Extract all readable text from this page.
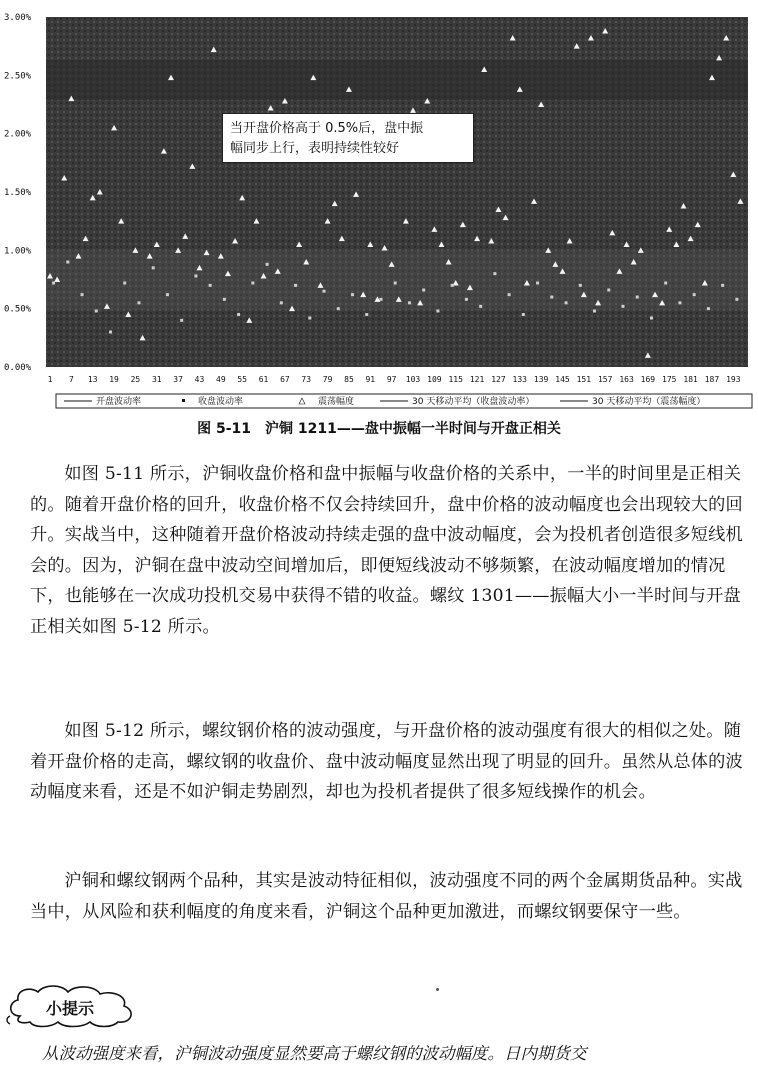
0.00%
0.50%
1.00%
1.50%
2.00%
2.50%
3.00%
1 7 13 19 25 31 37 43 49 55 61 67 73 79 85 91 97 103 109 115 121 127 133 139 145 151 157 163 169 175 181 187 193
开盘波动率	收盘波动率	震荡幅度	30 天移动平均（收盘波动率）	30 天移动平均（震荡幅度）
当开盘价格高于 0.5%后，盘中振
幅同步上行，表明持续性较好
图 5-11　沪铜 1211——盘中振幅一半时间与开盘正相关

如图 5-11 所示，沪铜收盘价格和盘中振幅与收盘价格的关系中，一半的时间里是正相关的。随着开盘价格的回升，收盘价格不仅会持续回升，盘中价格的波动幅度也会出现较大的回升。实战当中，这种随着开盘价格波动持续走强的盘中波动幅度，会为投机者创造很多短线机会的。因为，沪铜在盘中波动空间增加后，即便短线波动不够频繁，在波动幅度增加的情况下，也能够在一次成功投机交易中获得不错的收益。螺纹 1301——振幅大小一半时间与开盘正相关如图 5-12 所示。

如图 5-12 所示，螺纹钢价格的波动强度，与开盘价格的波动强度有很大的相似之处。随着开盘价格的走高，螺纹钢的收盘价、盘中波动幅度显然出现了明显的回升。虽然从总体的波动幅度来看，还是不如沪铜走势剧烈，却也为投机者提供了很多短线操作的机会。

沪铜和螺纹钢两个品种，其实是波动特征相似，波动强度不同的两个金属期货品种。实战当中，从风险和获利幅度的角度来看，沪铜这个品种更加激进，而螺纹钢要保守一些。

小提示

从波动强度来看，沪铜波动强度显然要高于螺纹钢的波动幅度。日内期货交
